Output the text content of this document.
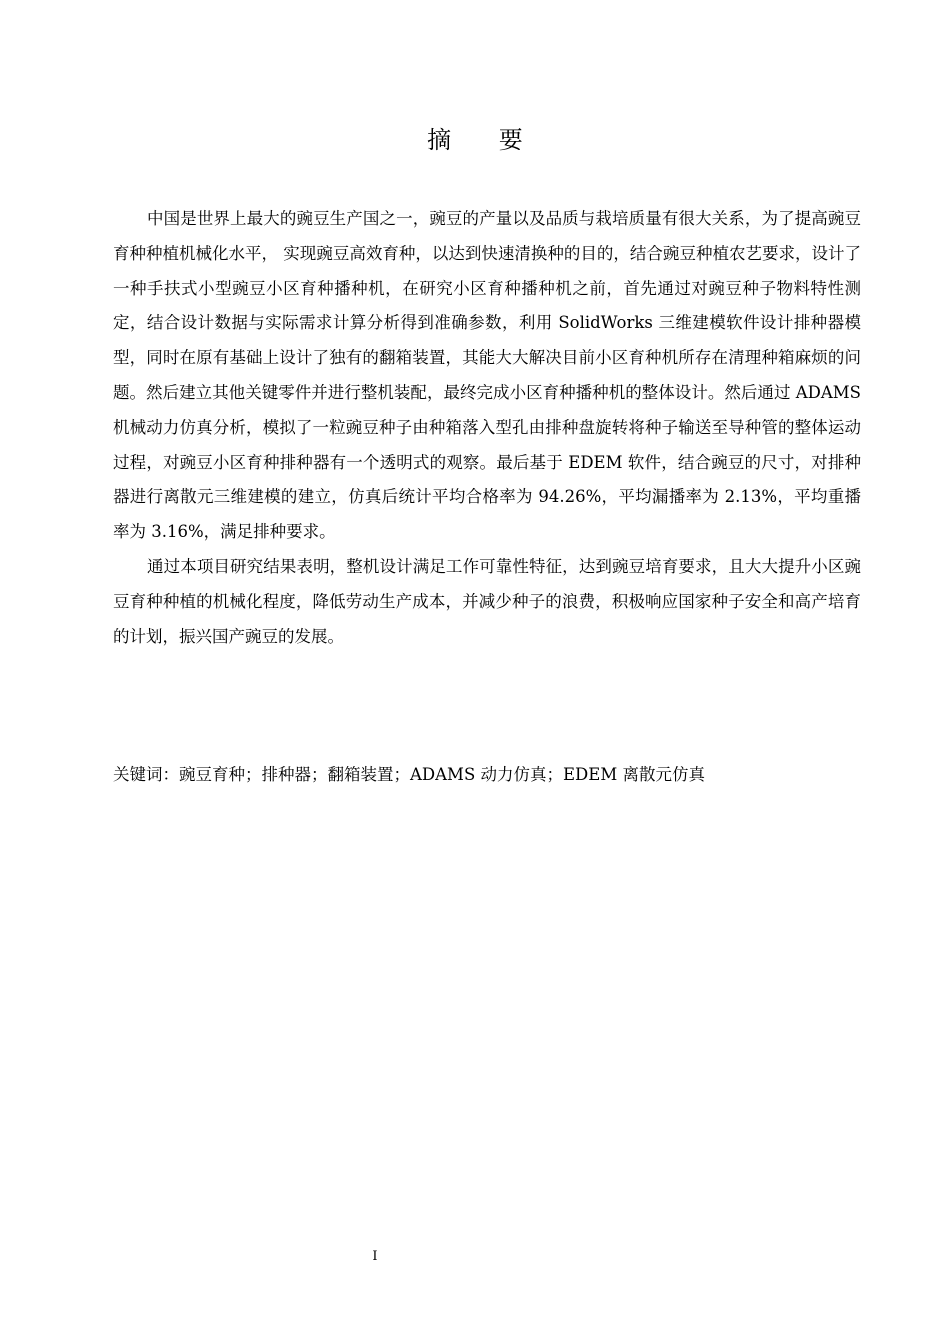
摘 要

中国是世界上最大的豌豆生产国之一，豌豆的产量以及品质与栽培质量有很大关系，为了提高豌豆育种种植机械化水平， 实现豌豆高效育种，以达到快速清换种的目的，结合豌豆种植农艺要求，设计了一种手扶式小型豌豆小区育种播种机，在研究小区育种播种机之前，首先通过对豌豆种子物料特性测定，结合设计数据与实际需求计算分析得到准确参数，利用 SolidWorks 三维建模软件设计排种器模型，同时在原有基础上设计了独有的翻箱装置，其能大大解决目前小区育种机所存在清理种箱麻烦的问题。然后建立其他关键零件并进行整机装配，最终完成小区育种播种机的整体设计。然后通过 ADAMS 机械动力仿真分析，模拟了一粒豌豆种子由种箱落入型孔由排种盘旋转将种子输送至导种管的整体运动过程，对豌豆小区育种排种器有一个透明式的观察。最后基于 EDEM 软件，结合豌豆的尺寸，对排种器进行离散元三维建模的建立，仿真后统计平均合格率为 94.26%，平均漏播率为 2.13%，平均重播率为 3.16%，满足排种要求。

通过本项目研究结果表明，整机设计满足工作可靠性特征，达到豌豆培育要求，且大大提升小区豌豆育种种植的机械化程度，降低劳动生产成本，并减少种子的浪费，积极响应国家种子安全和高产培育的计划，振兴国产豌豆的发展。

关键词：豌豆育种；排种器；翻箱装置；ADAMS 动力仿真；EDEM 离散元仿真
I
